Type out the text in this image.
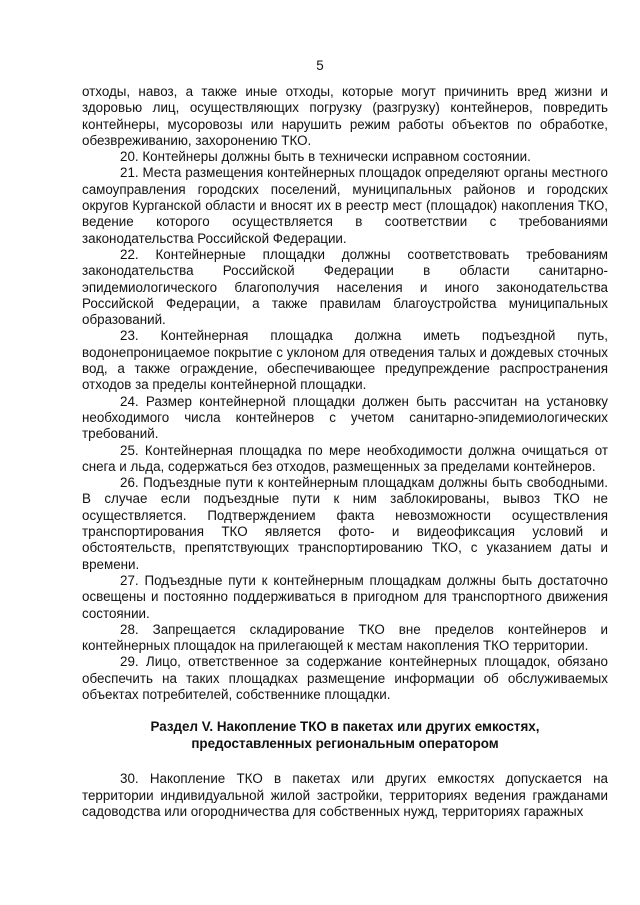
5

отходы, навоз, а также иные отходы, которые могут причинить вред жизни и здоровью лиц, осуществляющих погрузку (разгрузку) контейнеров, повредить контейнеры, мусоровозы или нарушить режим работы объектов по обработке, обезвреживанию, захоронению ТКО.

20. Контейнеры должны быть в технически исправном состоянии.

21. Места размещения контейнерных площадок определяют органы местного самоуправления городских поселений, муниципальных районов и городских округов Курганской области и вносят их в реестр мест (площадок) накопления ТКО, ведение которого осуществляется в соответствии с требованиями законодательства Российской Федерации.

22. Контейнерные площадки должны соответствовать требованиям законодательства Российской Федерации в области санитарно-эпидемиологического благополучия населения и иного законодательства Российской Федерации, а также правилам благоустройства муниципальных образований.

23. Контейнерная площадка должна иметь подъездной путь, водонепроницаемое покрытие с уклоном для отведения талых и дождевых сточных вод, а также ограждение, обеспечивающее предупреждение распространения отходов за пределы контейнерной площадки.

24. Размер контейнерной площадки должен быть рассчитан на установку необходимого числа контейнеров с учетом санитарно-эпидемиологических требований.

25. Контейнерная площадка по мере необходимости должна очищаться от снега и льда, содержаться без отходов, размещенных за пределами контейнеров.

26. Подъездные пути к контейнерным площадкам должны быть свободными. В случае если подъездные пути к ним заблокированы, вывоз ТКО не осуществляется. Подтверждением факта невозможности осуществления транспортирования ТКО является фото- и видеофиксация условий и обстоятельств, препятствующих транспортированию ТКО, с указанием даты и времени.

27. Подъездные пути к контейнерным площадкам должны быть достаточно освещены и постоянно поддерживаться в пригодном для транспортного движения состоянии.

28. Запрещается складирование ТКО вне пределов контейнеров и контейнерных площадок на прилегающей к местам накопления ТКО территории.

29. Лицо, ответственное за содержание контейнерных площадок, обязано обеспечить на таких площадках размещение информации об обслуживаемых объектах потребителей, собственнике площадки.

Раздел V. Накопление ТКО в пакетах или других емкостях,
предоставленных региональным оператором

30. Накопление ТКО в пакетах или других емкостях допускается на территории индивидуальной жилой застройки, территориях ведения гражданами садоводства или огородничества для собственных нужд, территориях гаражных
